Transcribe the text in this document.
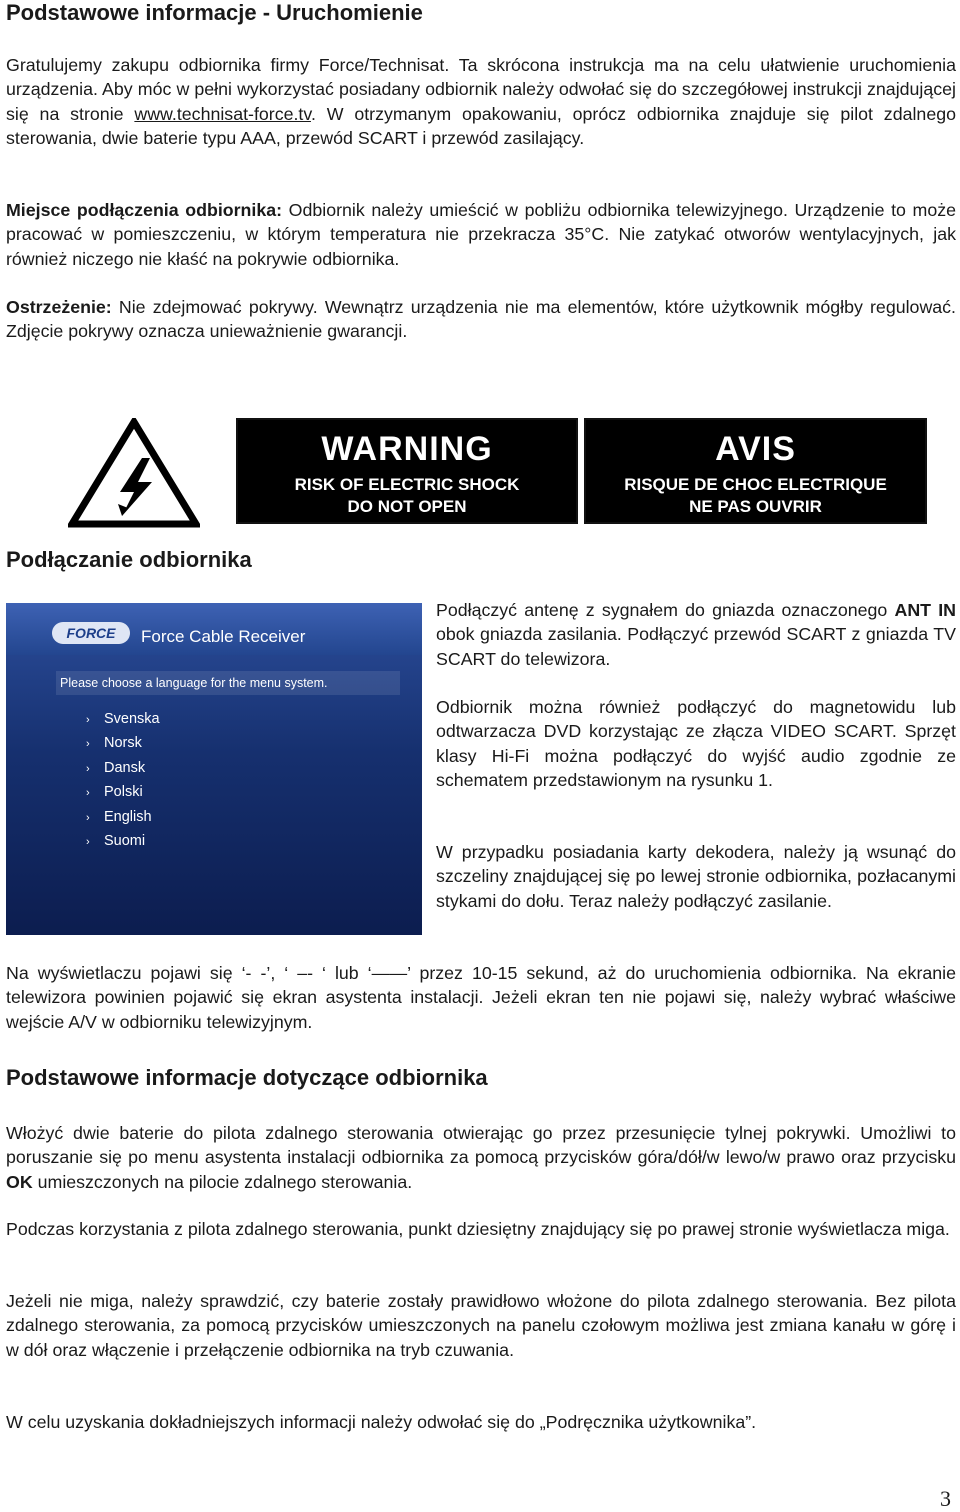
Podstawowe informacje - Uruchomienie

Gratulujemy zakupu odbiornika firmy Force/Technisat. Ta skrócona instrukcja ma na celu ułatwienie uruchomienia urządzenia. Aby móc w pełni wykorzystać posiadany odbiornik należy odwołać się do szczegółowej instrukcji znajdującej się na stronie www.technisat-force.tv. W otrzymanym opakowaniu, oprócz odbiornika znajduje się pilot zdalnego sterowania, dwie baterie typu AAA, przewód SCART i przewód zasilający.

Miejsce podłączenia odbiornika: Odbiornik należy umieścić w pobliżu odbiornika telewizyjnego. Urządzenie to może pracować w pomieszczeniu, w którym temperatura nie przekracza 35°C. Nie zatykać otworów wentylacyjnych, jak również niczego nie kłaść na pokrywie odbiornika.

Ostrzeżenie: Nie zdejmować pokrywy. Wewnątrz urządzenia nie ma elementów, które użytkownik mógłby regulować. Zdjęcie pokrywy oznacza unieważnienie gwarancji.

WARNING
RISK OF ELECTRIC SHOCK
DO NOT OPEN
AVIS
RISQUE DE CHOC ELECTRIQUE
NE PAS OUVRIR
Podłączanie odbiornika
FORCE	Force Cable Receiver
Please choose a language for the menu system.
› Svenska
› Norsk
› Dansk
› Polski
› English
› Suomi

Podłączyć antenę z sygnałem do gniazda oznaczonego ANT IN obok gniazda zasilania. Podłączyć przewód SCART z gniazda TV SCART do telewizora.

Odbiornik można również podłączyć do magnetowidu lub odtwarzacza DVD korzystając ze złącza VIDEO SCART. Sprzęt klasy Hi-Fi można podłączyć do wyjść audio zgodnie ze schematem przedstawionym na rysunku 1.

W przypadku posiadania karty dekodera, należy ją wsunąć do szczeliny znajdującej się po lewej stronie odbiornika, pozłacanymi stykami do dołu. Teraz należy podłączyć zasilanie.

Na wyświetlaczu pojawi się ‘- -’, ‘ –- ‘ lub ‘——’ przez 10-15 sekund, aż do uruchomienia odbiornika. Na ekranie telewizora powinien pojawić się ekran asystenta instalacji. Jeżeli ekran ten nie pojawi się, należy wybrać właściwe wejście A/V w odbiorniku telewizyjnym.

Podstawowe informacje dotyczące odbiornika

Włożyć dwie baterie do pilota zdalnego sterowania otwierając go przez przesunięcie tylnej pokrywki. Umożliwi to poruszanie się po menu asystenta instalacji odbiornika za pomocą przycisków góra/dół/w lewo/w prawo oraz przycisku OK umieszczonych na pilocie zdalnego sterowania.

Podczas korzystania z pilota zdalnego sterowania, punkt dziesiętny znajdujący się po prawej stronie wyświetlacza miga.

Jeżeli nie miga, należy sprawdzić, czy baterie zostały prawidłowo włożone do pilota zdalnego sterowania. Bez pilota zdalnego sterowania, za pomocą przycisków umieszczonych na panelu czołowym możliwa jest zmiana kanału w górę i w dół oraz włączenie i przełączenie odbiornika na tryb czuwania.

W celu uzyskania dokładniejszych informacji należy odwołać się do „Podręcznika użytkownika”.

3
